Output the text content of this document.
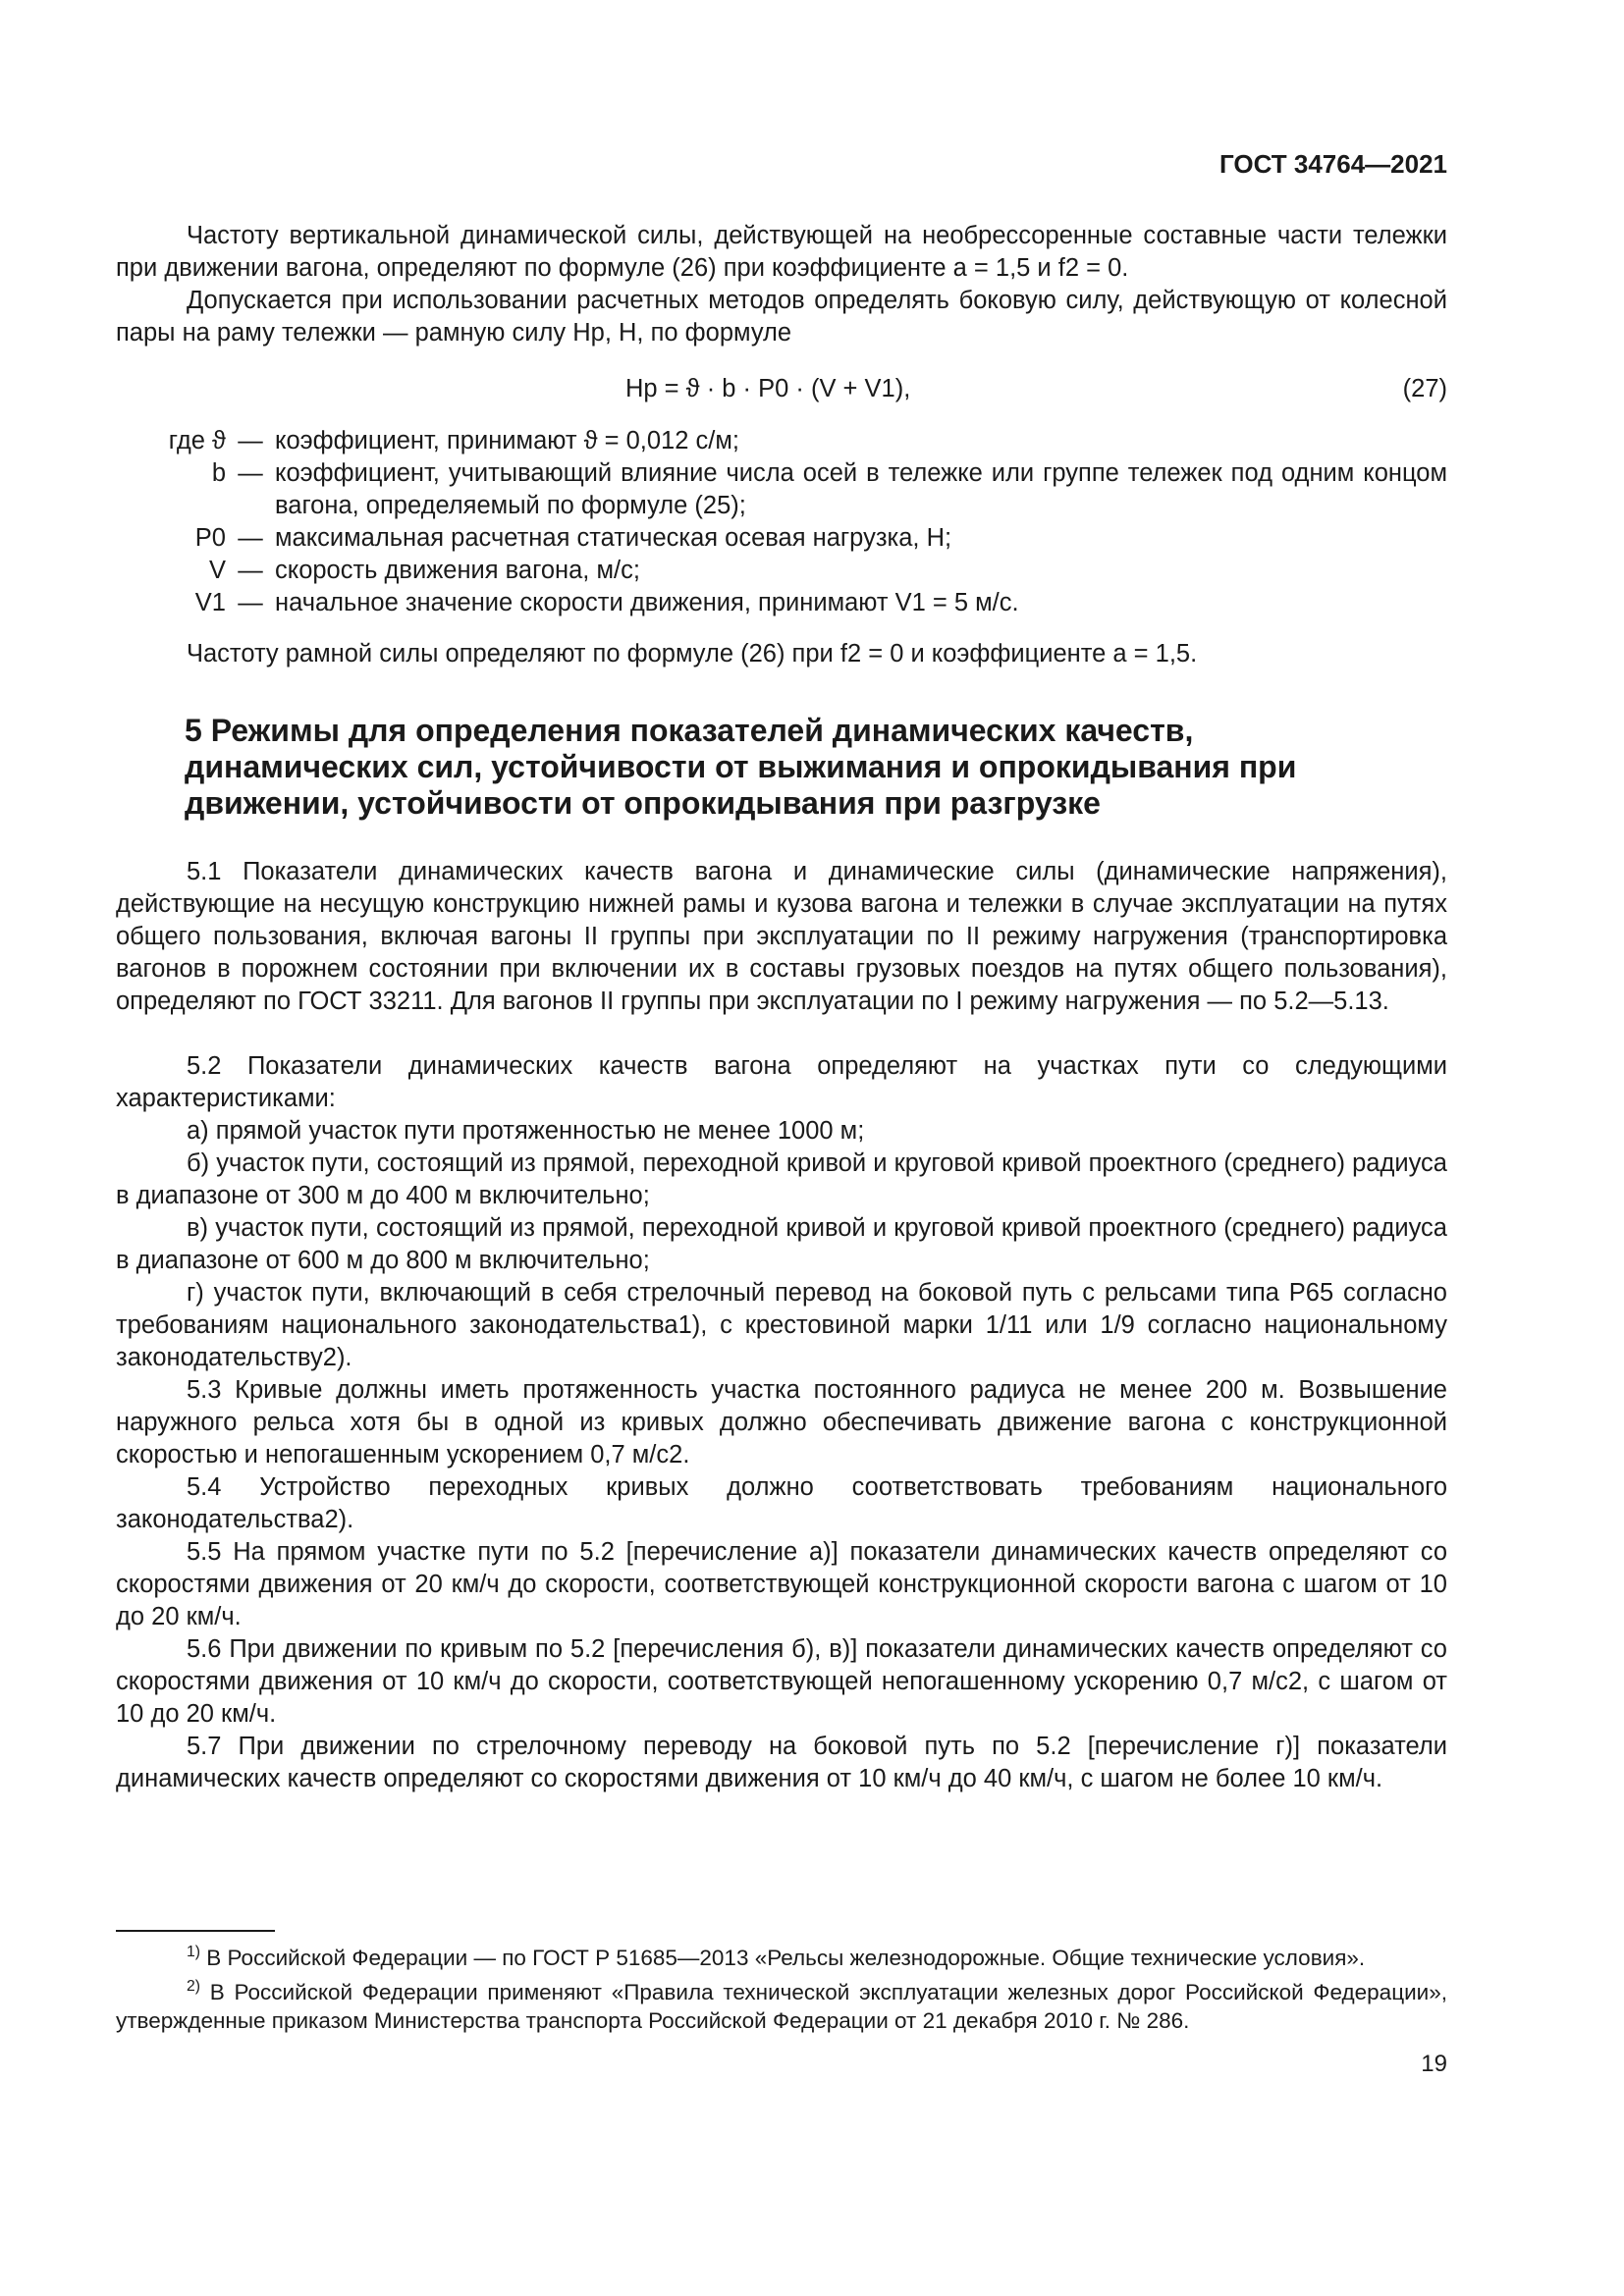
ГОСТ 34764—2021
Частоту вертикальной динамической силы, действующей на необрессоренные составные части тележки при движении вагона, определяют по формуле (26) при коэффициенте a = 1,5 и f2 = 0.
Допускается при использовании расчетных методов определять боковую силу, действующую от колесной пары на раму тележки — рамную силу Hр, Н, по формуле
Hр = ϑ · b · P0 · (V + V1),	(27)
где ϑ — коэффициент, принимают ϑ = 0,012 с/м;
b — коэффициент, учитывающий влияние числа осей в тележке или группе тележек под одним концом вагона, определяемый по формуле (25);
P0 — максимальная расчетная статическая осевая нагрузка, Н;
V — скорость движения вагона, м/с;
V1 — начальное значение скорости движения, принимают V1 = 5 м/с.
Частоту рамной силы определяют по формуле (26) при f2 = 0 и коэффициенте a = 1,5.
5 Режимы для определения показателей динамических качеств, динамических сил, устойчивости от выжимания и опрокидывания при движении, устойчивости от опрокидывания при разгрузке
5.1 Показатели динамических качеств вагона и динамические силы (динамические напряжения), действующие на несущую конструкцию нижней рамы и кузова вагона и тележки в случае эксплуатации на путях общего пользования, включая вагоны II группы при эксплуатации по II режиму нагружения (транспортировка вагонов в порожнем состоянии при включении их в составы грузовых поездов на путях общего пользования), определяют по ГОСТ 33211. Для вагонов II группы при эксплуатации по I режиму нагружения — по 5.2—5.13.
5.2 Показатели динамических качеств вагона определяют на участках пути со следующими характеристиками:
а) прямой участок пути протяженностью не менее 1000 м;
б) участок пути, состоящий из прямой, переходной кривой и круговой кривой проектного (среднего) радиуса в диапазоне от 300 м до 400 м включительно;
в) участок пути, состоящий из прямой, переходной кривой и круговой кривой проектного (среднего) радиуса в диапазоне от 600 м до 800 м включительно;
г) участок пути, включающий в себя стрелочный перевод на боковой путь с рельсами типа Р65 согласно требованиям национального законодательства1), с крестовиной марки 1/11 или 1/9 согласно национальному законодательству2).
5.3 Кривые должны иметь протяженность участка постоянного радиуса не менее 200 м. Возвышение наружного рельса хотя бы в одной из кривых должно обеспечивать движение вагона с конструкционной скоростью и непогашенным ускорением 0,7 м/с2.
5.4 Устройство переходных кривых должно соответствовать требованиям национального законодательства2).
5.5 На прямом участке пути по 5.2 [перечисление а)] показатели динамических качеств определяют со скоростями движения от 20 км/ч до скорости, соответствующей конструкционной скорости вагона с шагом от 10 до 20 км/ч.
5.6 При движении по кривым по 5.2 [перечисления б), в)] показатели динамических качеств определяют со скоростями движения от 10 км/ч до скорости, соответствующей непогашенному ускорению 0,7 м/с2, с шагом от 10 до 20 км/ч.
5.7 При движении по стрелочному переводу на боковой путь по 5.2 [перечисление г)] показатели динамических качеств определяют со скоростями движения от 10 км/ч до 40 км/ч, с шагом не более 10 км/ч.

$^{1)}$ В Российской Федерации — по ГОСТ Р 51685—2013 «Рельсы железнодорожные. Общие технические условия».

$^{2)}$ В Российской Федерации применяют «Правила технической эксплуатации железных дорог Российской Федерации», утвержденные приказом Министерства транспорта Российской Федерации от 21 декабря 2010 г. № 286.

19
